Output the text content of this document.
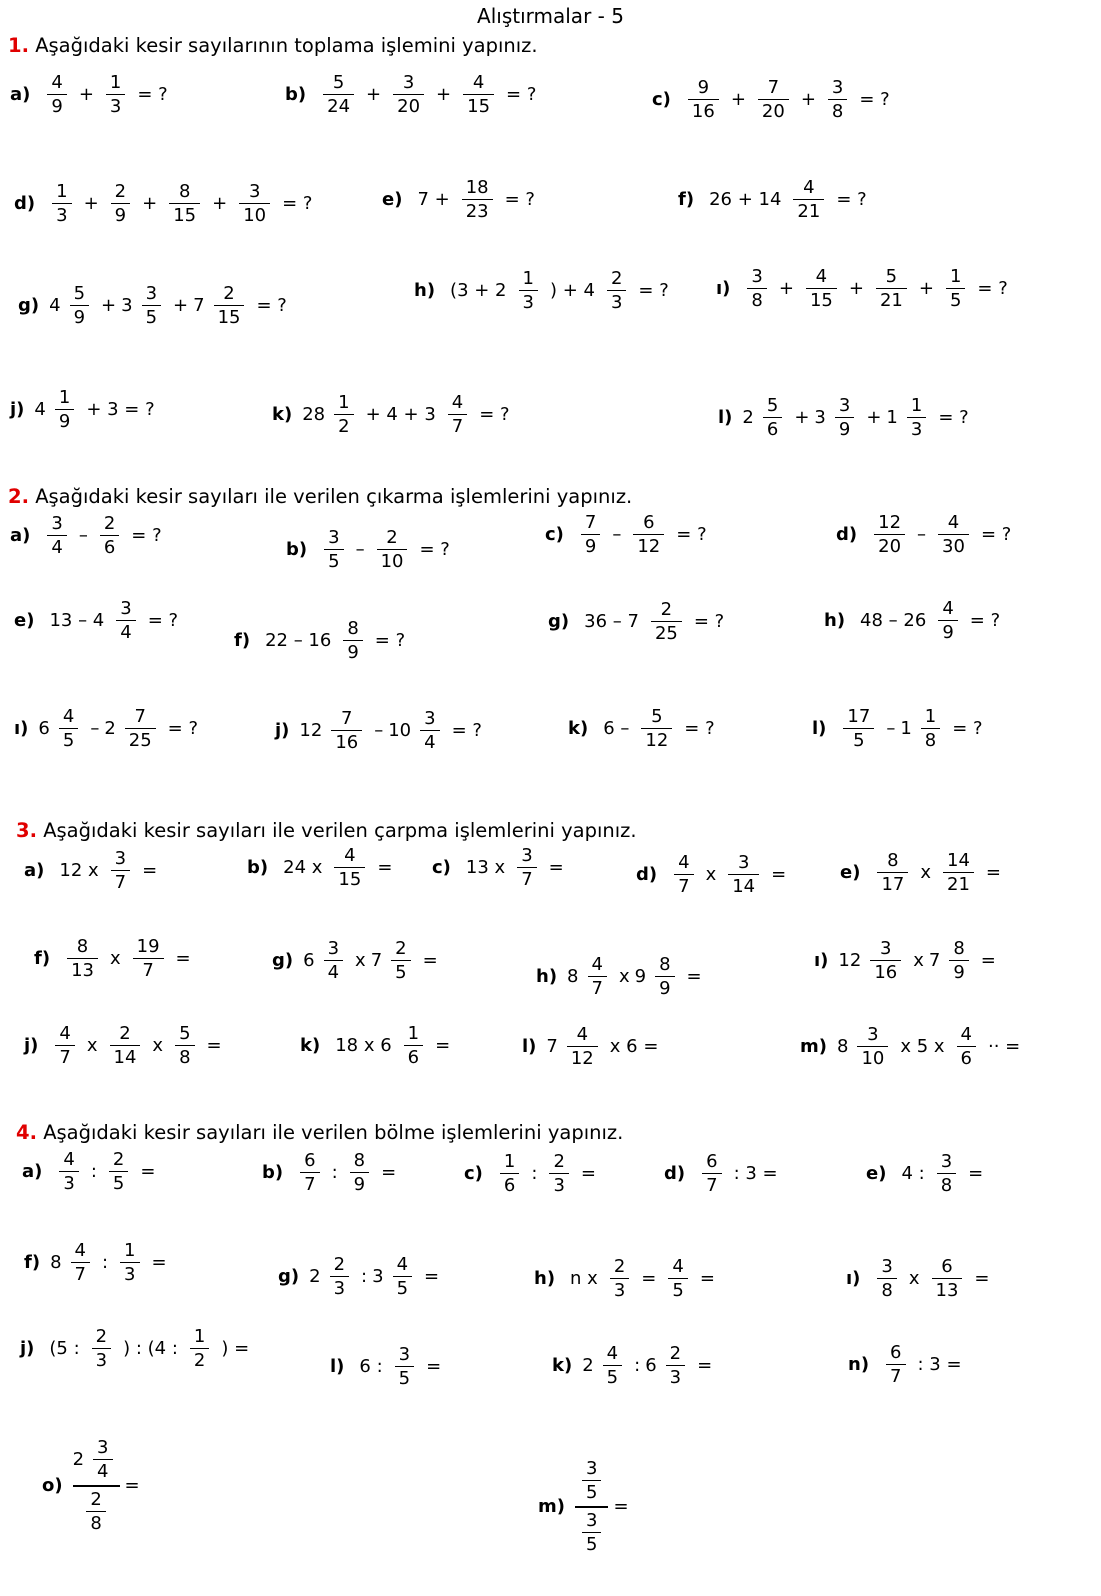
Alıştırmalar - 5
1. Aşağıdaki kesir sayılarının toplama işlemini yapınız.
2. Aşağıdaki kesir sayıları ile verilen çıkarma işlemlerini yapınız.
3. Aşağıdaki kesir sayıları ile verilen çarpma işlemlerini yapınız.
4. Aşağıdaki kesir sayıları ile verilen bölme işlemlerini yapınız.
a)
4
9
+
1
3
= ?	b)
5
24
+
3
20
+
4
15
= ?	c)
9
16
+
7
20
+
3
8
= ?
d)
1
3
+
2
9
+
8
15
+
3
10
= ?	e) 7 +
18
23
= ?	f) 26 + 14
4
21
= ?
g) 4
5
9
+ 3
3
5
+ 7
2
15
= ?
h) (3 + 2
1
3
) + 4
2
3
= ?	ı)
3
8
+
4
15
+
5
21
+
1
5
= ?
j) 4
1
9
+ 3 = ?	k) 28
1
2
+ 4 + 3
4
7
= ?	l) 2
5
6
+ 3
3
9
+ 1
1
3
= ?
a)
3
4
–
2
6
= ?
b)
3
5
–
2
10
= ?
c)
7
9
–
6
12
= ?	d)
12
20
–
4
30
= ?
e) 13 – 4
3
4
= ?
f) 22 – 16
8
9
= ?
g) 36 – 7
2
25
= ?	h) 48 – 26
4
9
= ?
ı) 6
4
5
– 2
7
25
= ?	j) 12
7
16
– 10
3
4
= ?	k) 6 –
5
12
= ?	l)
17
5
– 1
1
8
= ?
a) 12 x
3
7
=	b) 24 x
4
15
= c) 13 x
3
7
=	d)
4
7
x
3
14
=	e)
8
17
x
14
21
=
f)
8
13
x
19
7
=	g) 6
3
4
x 7
2
5
=
h) 8
4
7
x 9
8
9
=
ı) 12
3
16
x 7
8
9
=
j)
4
7
x
2
14
x
5
8
=	k) 18 x 6
1
6
=	l) 7
4
12
x 6 =	m) 8
3
10
x 5 x
4
6
·· =
a)
4
3
:
2
5
=	b)
6
7
:
8
9
=	c)
1
6
:
2
3
=	d)
6
7
: 3 =	e) 4 :
3
8
=
f) 8
4
7
:
1
3
=
g) 2
2
3
: 3
4
5
=	h) n x
2
3
=
4
5
=	ı)
3
8
x
6
13
=
j) (5 :
2
3
) : (4 :
1
2
) =
l) 6 :
3
5
=	k) 2
4
5
: 6
2
3
=	n)
6
7
: 3 =
o)
2
3
4
2
8
=
m)
3
5
3
5
=
